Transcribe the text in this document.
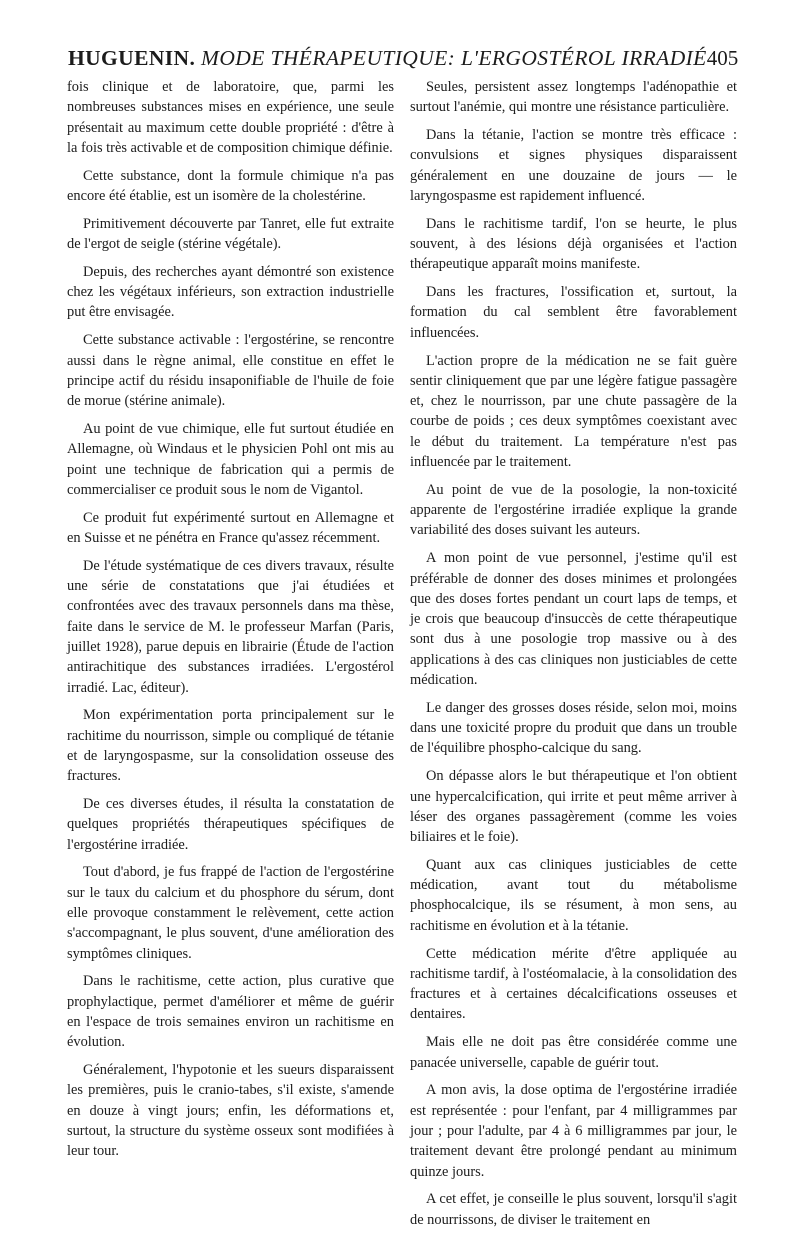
HUGUENIN. MODE THÉRAPEUTIQUE: L'ERGOSTÉROL IRRADIÉ 405

fois clinique et de laboratoire, que, parmi les nombreuses substances mises en expérience, une seule présentait au maximum cette double propriété : d'être à la fois très activable et de composition chimique définie.

Cette substance, dont la formule chimique n'a pas encore été établie, est un isomère de la cholestérine.

Primitivement découverte par Tanret, elle fut extraite de l'ergot de seigle (stérine végétale).

Depuis, des recherches ayant démontré son existence chez les végétaux inférieurs, son extraction industrielle put être envisagée.

Cette substance activable : l'ergostérine, se rencontre aussi dans le règne animal, elle constitue en effet le principe actif du résidu insaponifiable de l'huile de foie de morue (stérine animale).

Au point de vue chimique, elle fut surtout étudiée en Allemagne, où Windaus et le physicien Pohl ont mis au point une technique de fabrication qui a permis de commercialiser ce produit sous le nom de Vigantol.

Ce produit fut expérimenté surtout en Allemagne et en Suisse et ne pénétra en France qu'assez récemment.

De l'étude systématique de ces divers travaux, résulte une série de constatations que j'ai étudiées et confrontées avec des travaux personnels dans ma thèse, faite dans le service de M. le professeur Marfan (Paris, juillet 1928), parue depuis en librairie (Étude de l'action antirachitique des substances irradiées. L'ergostérol irradié. Lac, éditeur).

Mon expérimentation porta principalement sur le rachitime du nourrisson, simple ou compliqué de tétanie et de laryngospasme, sur la consolidation osseuse des fractures.

De ces diverses études, il résulta la constatation de quelques propriétés thérapeutiques spécifiques de l'ergostérine irradiée.

Tout d'abord, je fus frappé de l'action de l'ergostérine sur le taux du calcium et du phosphore du sérum, dont elle provoque constamment le relèvement, cette action s'accompagnant, le plus souvent, d'une amélioration des symptômes cliniques.

Dans le rachitisme, cette action, plus curative que prophylactique, permet d'améliorer et même de guérir en l'espace de trois semaines environ un rachitisme en évolution.

Généralement, l'hypotonie et les sueurs disparaissent les premières, puis le cranio-tabes, s'il existe, s'amende en douze à vingt jours; enfin, les déformations et, surtout, la structure du système osseux sont modifiées à leur tour.

Seules, persistent assez longtemps l'adénopathie et surtout l'anémie, qui montre une résistance particulière.

Dans la tétanie, l'action se montre très efficace : convulsions et signes physiques disparaissent généralement en une douzaine de jours — le laryngospasme est rapidement influencé.

Dans le rachitisme tardif, l'on se heurte, le plus souvent, à des lésions déjà organisées et l'action thérapeutique apparaît moins manifeste.

Dans les fractures, l'ossification et, surtout, la formation du cal semblent être favorablement influencées.

L'action propre de la médication ne se fait guère sentir cliniquement que par une légère fatigue passagère et, chez le nourrisson, par une chute passagère de la courbe de poids ; ces deux symptômes coexistant avec le début du traitement. La température n'est pas influencée par le traitement.

Au point de vue de la posologie, la non-toxicité apparente de l'ergostérine irradiée explique la grande variabilité des doses suivant les auteurs.

A mon point de vue personnel, j'estime qu'il est préférable de donner des doses minimes et prolongées que des doses fortes pendant un court laps de temps, et je crois que beaucoup d'insuccès de cette thérapeutique sont dus à une posologie trop massive ou à des applications à des cas cliniques non justiciables de cette médication.

Le danger des grosses doses réside, selon moi, moins dans une toxicité propre du produit que dans un trouble de l'équilibre phospho-calcique du sang.

On dépasse alors le but thérapeutique et l'on obtient une hypercalcification, qui irrite et peut même arriver à léser des organes passagèrement (comme les voies biliaires et le foie).

Quant aux cas cliniques justiciables de cette médication, avant tout du métabolisme phosphocalcique, ils se résument, à mon sens, au rachitisme en évolution et à la tétanie.

Cette médication mérite d'être appliquée au rachitisme tardif, à l'ostéomalacie, à la consolidation des fractures et à certaines décalcifications osseuses et dentaires.

Mais elle ne doit pas être considérée comme une panacée universelle, capable de guérir tout.

A mon avis, la dose optima de l'ergostérine irradiée est représentée : pour l'enfant, par 4 milligrammes par jour ; pour l'adulte, par 4 à 6 milligrammes par jour, le traitement devant être prolongé pendant au minimum quinze jours.

A cet effet, je conseille le plus souvent, lorsqu'il s'agit de nourrissons, de diviser le traitement en
